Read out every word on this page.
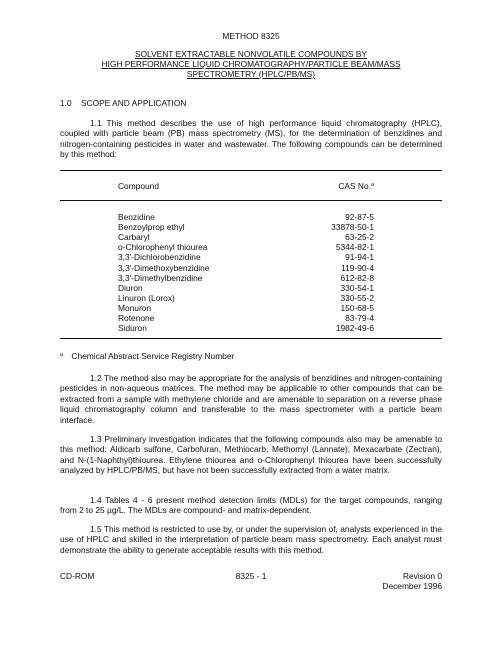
METHOD 8325
SOLVENT EXTRACTABLE NONVOLATILE COMPOUNDS BY
HIGH PERFORMANCE LIQUID CHROMATOGRAPHY/PARTICLE BEAM/MASS
SPECTROMETRY (HPLC/PB/MS)
1.0    SCOPE AND APPLICATION
1.1 This method describes the use of high performance liquid chromatography (HPLC), coupled with particle beam (PB) mass spectrometry (MS), for the determination of benzidines and nitrogen-containing pesticides in water and wastewater. The following compounds can be determined by this method:
Compound	CAS No.$^a$
Benzidine	92-87-5
Benzoylprop ethyl	33878-50-1
Carbaryl	63-25-2
o-Chlorophenyl thiourea	5344-82-1
3,3'-Dichlorobenzidine	91-94-1
3,3'-Dimethoxybenzidine	119-90-4
3,3'-Dimethylbenzidine	612-82-8
Diuron	330-54-1
Linuron (Lorox)	330-55-2
Monuron	150-68-5
Rotenone	83-79-4
Siduron	1982-49-6
$^a$ Chemical Abstract Service Registry Number
1.2 The method also may be appropriate for the analysis of benzidines and nitrogen-containing pesticides in non-aqueous matrices. The method may be applicable to other compounds that can be extracted from a sample with methylene chloride and are amenable to separation on a reverse phase liquid chromatography column and transferable to the mass spectrometer with a particle beam interface.
1.3 Preliminary investigation indicates that the following compounds also may be amenable to this method: Aldicarb sulfone, Carbofuran, Methiocarb, Methomyl (Lannate), Mexacarbate (Zectran), and N-(1-Naphthyl)thiourea. Ethylene thiourea and o-Chlorophenyl thiourea have been successfully analyzed by HPLC/PB/MS, but have not been successfully extracted from a water matrix.
1.4 Tables 4 - 6 present method detection limits (MDLs) for the target compounds, ranging from 2 to 25 µg/L. The MDLs are compound- and matrix-dependent.
1.5 This method is restricted to use by, or under the supervision of, analysts experienced in the use of HPLC and skilled in the interpretation of particle beam mass spectrometry. Each analyst must demonstrate the ability to generate acceptable results with this method.
CD-ROM	8325 - 1	Revision 0
December 1996
